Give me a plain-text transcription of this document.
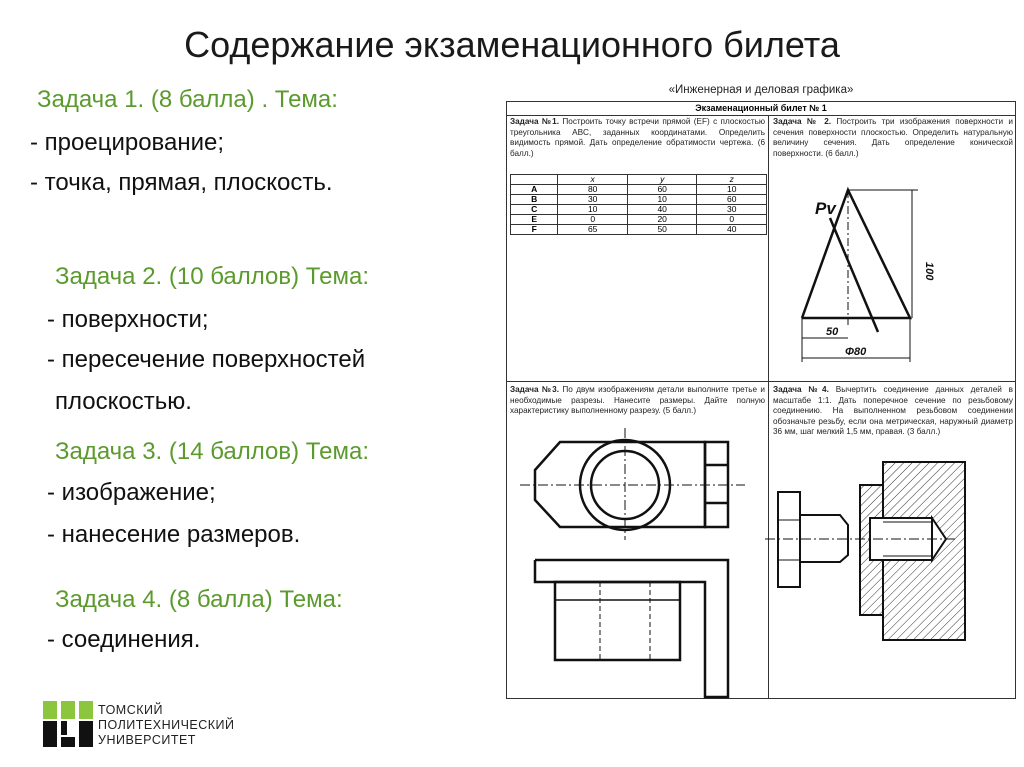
Содержание экзаменационного билета
Задача 1. (8 балла) . Тема:
- проецирование;
- точка, прямая, плоскость.
Задача 2. (10 баллов) Тема:
- поверхности;
- пересечение поверхностей
плоскостью.
Задача 3. (14 баллов) Тема:
- изображение;
- нанесение размеров.
Задача 4. (8 балла) Тема:
- соединения.
«Инженерная и деловая графика»
Экзаменационный билет № 1
Задача №1. Построить точку встречи прямой (EF) с плоскостью треугольника ABC, заданных координатами. Определить видимость прямой. Дать определение обратимости чертежа. (6 балл.)
	x	y	z
A	80	60	10
B	30	10	60
C	10	40	30
E	0	20	0
F	65	50	40
Задача № 2. Построить три изображения поверхности и сечения поверхности плоскостью. Определить натуральную величину сечения. Дать определение конической поверхности. (6 балл.)
Задача №3. По двум изображениям детали выполните третье и необходимые разрезы. Нанесите размеры. Дайте полную характеристику выполненному разрезу. (5 балл.)
Задача №4. Вычертить соединение данных деталей в масштабе 1:1. Дать поперечное сечение по резьбовому соединению. На выполненном резьбовом соединении обозначьте резьбу, если она метрическая, наружный диаметр 36 мм, шаг мелкий 1,5 мм, правая. (3 балл.)
Pv
100
50
Φ80
ТОМСКИЙ
ПОЛИТЕХНИЧЕСКИЙ
УНИВЕРСИТЕТ
